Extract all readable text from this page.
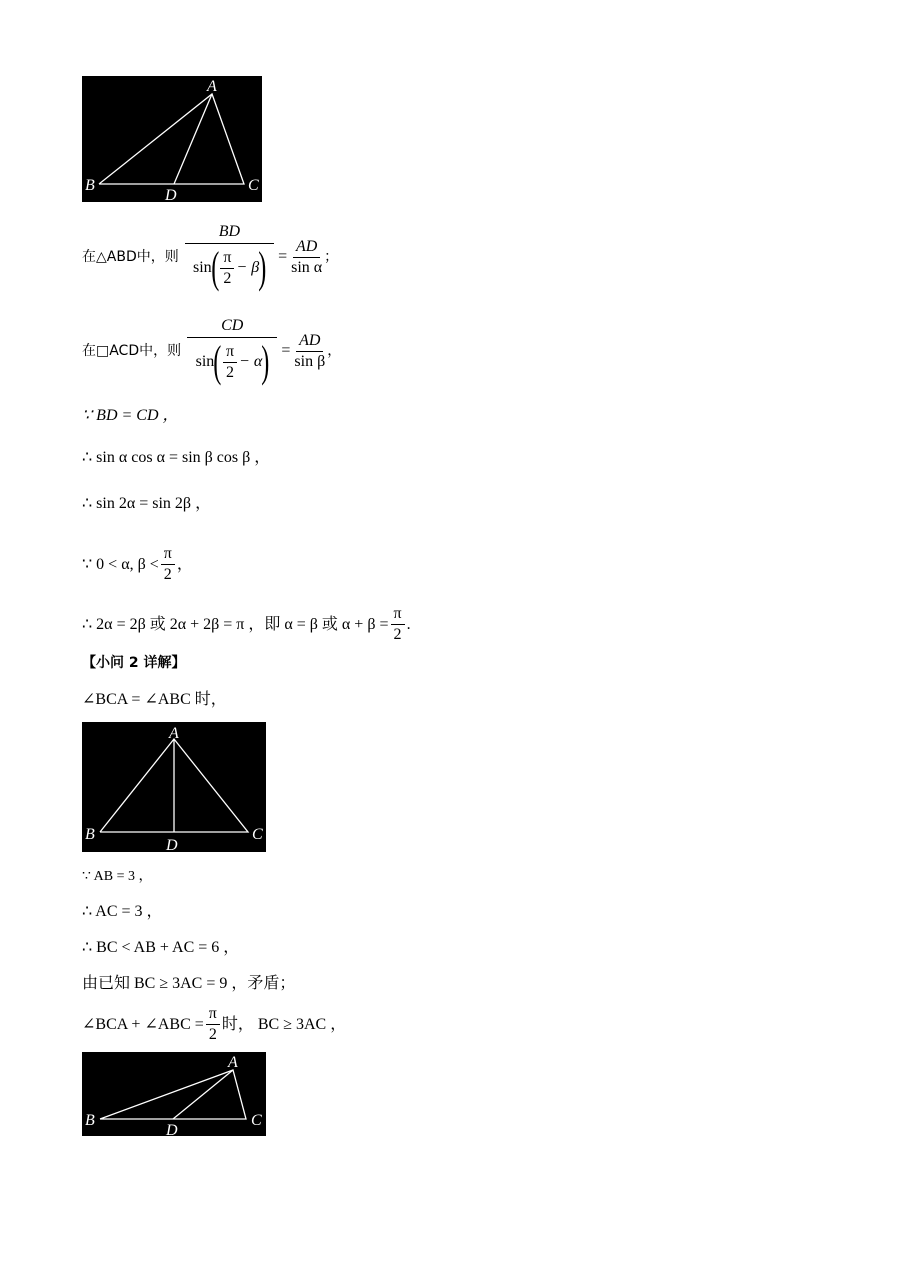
A
B	C
D
在△ABD中，则
BD
sin ( $\frac{\pi}{2} - \beta$ ) = $\frac{AD}{\text{sin α}}$ ；
在□ACD中，则
CD
sin ( $\frac{\pi}{2} - \alpha$ ) = $\frac{AD}{\text{sin β}}$ ，
∵ BD = CD ，
∴ sin α cos α = sin β cos β ，
∴ sin 2α = sin 2β ，
∵ 0 < α, $\beta < \frac{\pi}{2}$ ，
∴ 2α = 2β 或 2α + 2β = π ，即 α = β 或 $\alpha + \beta = \frac{\pi}{2}$ .
【小问 2 详解】
∠BCA = ∠ABC 时，
A
B	C
D
∵ AB = 3 ，
∴ AC = 3 ，
∴ BC < AB + AC = 6 ，
由已知 BC ≥ 3AC = 9 ，矛盾；
∠BCA + ∠ABC = $\frac{\pi}{2}$ 时， BC ≥ 3AC ，
A
B	C
D
